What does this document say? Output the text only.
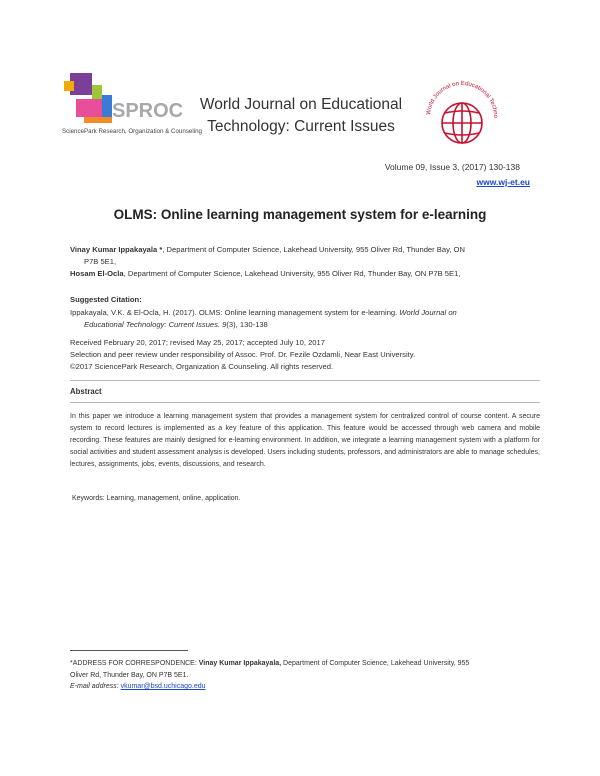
SPROC
SciencePark Research, Organization & Counseling
World Journal on Educational
Technology: Current Issues
World Journal on Educational Techno
Volume 09, Issue 3, (2017) 130-138
www.wj-et.eu
OLMS: Online learning management system for e-learning

Vinay Kumar Ippakayala *, Department of Computer Science, Lakehead University, 955 Oliver Rd, Thunder Bay, ON

P7B 5E1,

Hosam El-Ocla, Department of Computer Science, Lakehead University, 955 Oliver Rd, Thunder Bay, ON P7B 5E1,

Suggested Citation:

Ippakayala, V.K. & El-Ocla, H. (2017). OLMS: Online learning management system for e-learning. World Journal on

Educational Technology: Current Issues. 9(3), 130-138

Received February 20, 2017; revised May 25, 2017; accepted July 10, 2017

Selection and peer review under responsibility of Assoc. Prof. Dr. Fezile Ozdamli, Near East University.

©2017 SciencePark Research, Organization & Counseling. All rights reserved.

Abstract
In this paper we introduce a learning management system that provides a management system for centralized control of course content. A secure system to record lectures is implemented as a key feature of this application. This feature would be accessed through web camera and mobile recording. These features are mainly designed for e-learning environment. In addition, we integrate a learning management system with a platform for social activities and student assessment analysis is developed. Users including students, professors, and administrators are able to manage schedules, lectures, assignments, jobs, events, discussions, and research.
Keywords: Learning, management, online, application.

*ADDRESS FOR CORRESPONDENCE: Vinay Kumar Ippakayala, Department of Computer Science, Lakehead University, 955

Oliver Rd, Thunder Bay, ON P7B 5E1.

E-mail address: vkumar@bsd.uchicago.edu
